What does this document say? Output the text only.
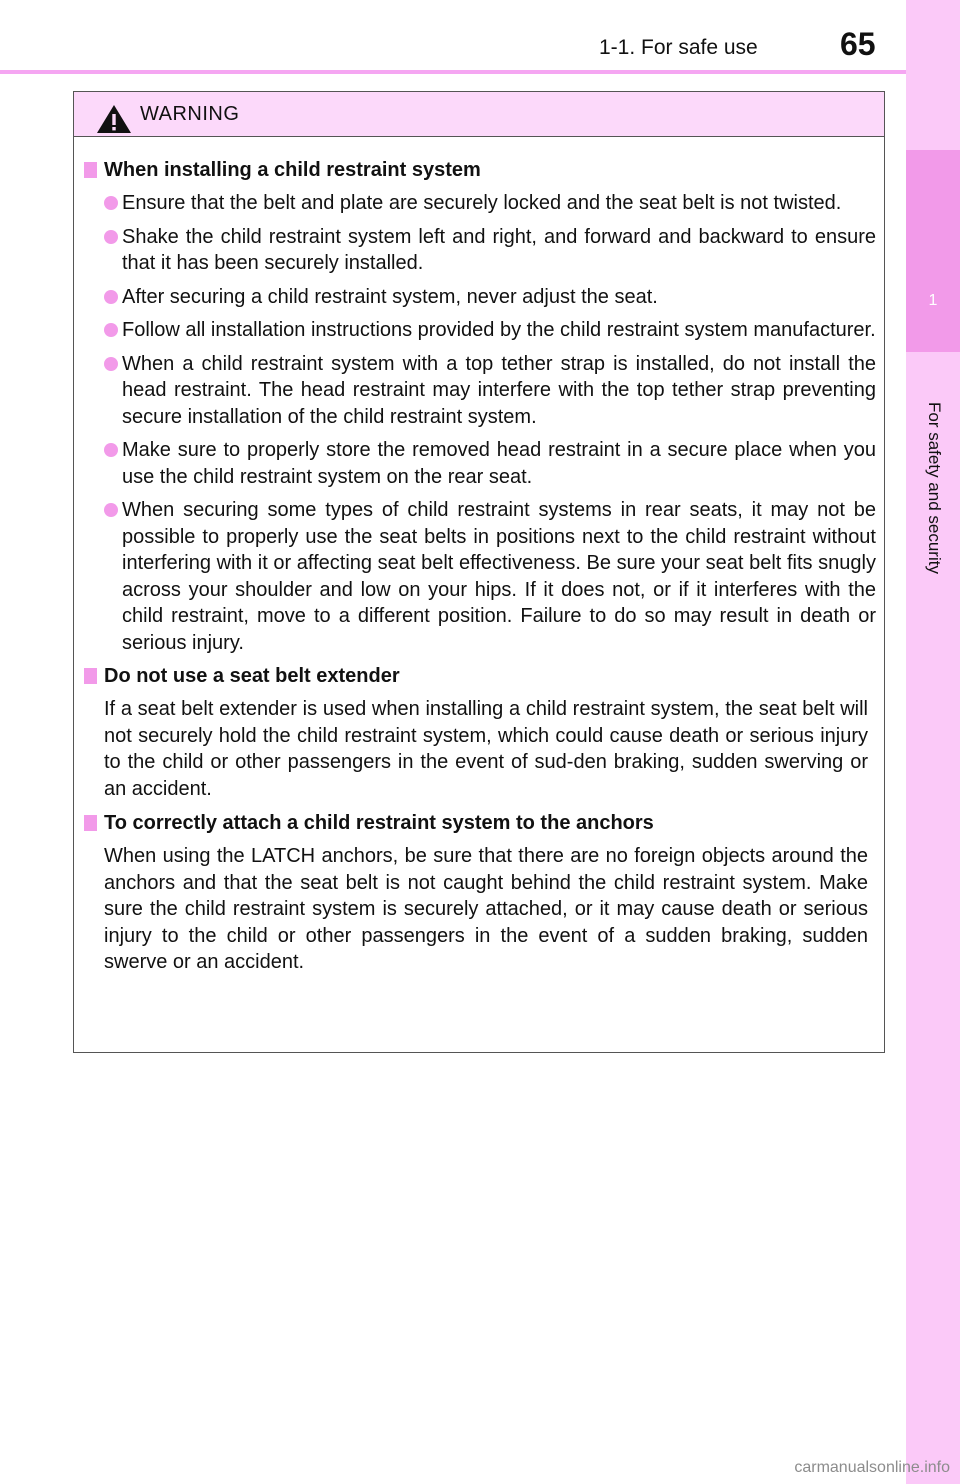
1-1. For safe use	65
1
For safety and security
WARNING
When installing a child restraint system
Ensure that the belt and plate are securely locked and the seat belt is not twisted.
Shake the child restraint system left and right, and forward and backward to ensure that it has been securely installed.
After securing a child restraint system, never adjust the seat.
Follow all installation instructions provided by the child restraint system manufacturer.
When a child restraint system with a top tether strap is installed, do not install the head restraint. The head restraint may interfere with the top tether strap preventing secure installation of the child restraint system.
Make sure to properly store the removed head restraint in a secure place when you use the child restraint system on the rear seat.
When securing some types of child restraint systems in rear seats, it may not be possible to properly use the seat belts in positions next to the child restraint without interfering with it or affecting seat belt effectiveness. Be sure your seat belt fits snugly across your shoulder and low on your hips. If it does not, or if it interferes with the child restraint, move to a different position. Failure to do so may result in death or serious injury.
Do not use a seat belt extender
If a seat belt extender is used when installing a child restraint system, the seat belt will not securely hold the child restraint system, which could cause death or serious injury to the child or other passengers in the event of sud-den braking, sudden swerving or an accident.
To correctly attach a child restraint system to the anchors
When using the LATCH anchors, be sure that there are no foreign objects around the anchors and that the seat belt is not caught behind the child restraint system. Make sure the child restraint system is securely attached, or it may cause death or serious injury to the child or other passengers in the event of a sudden braking, sudden swerve or an accident.
carmanualsonline.info
